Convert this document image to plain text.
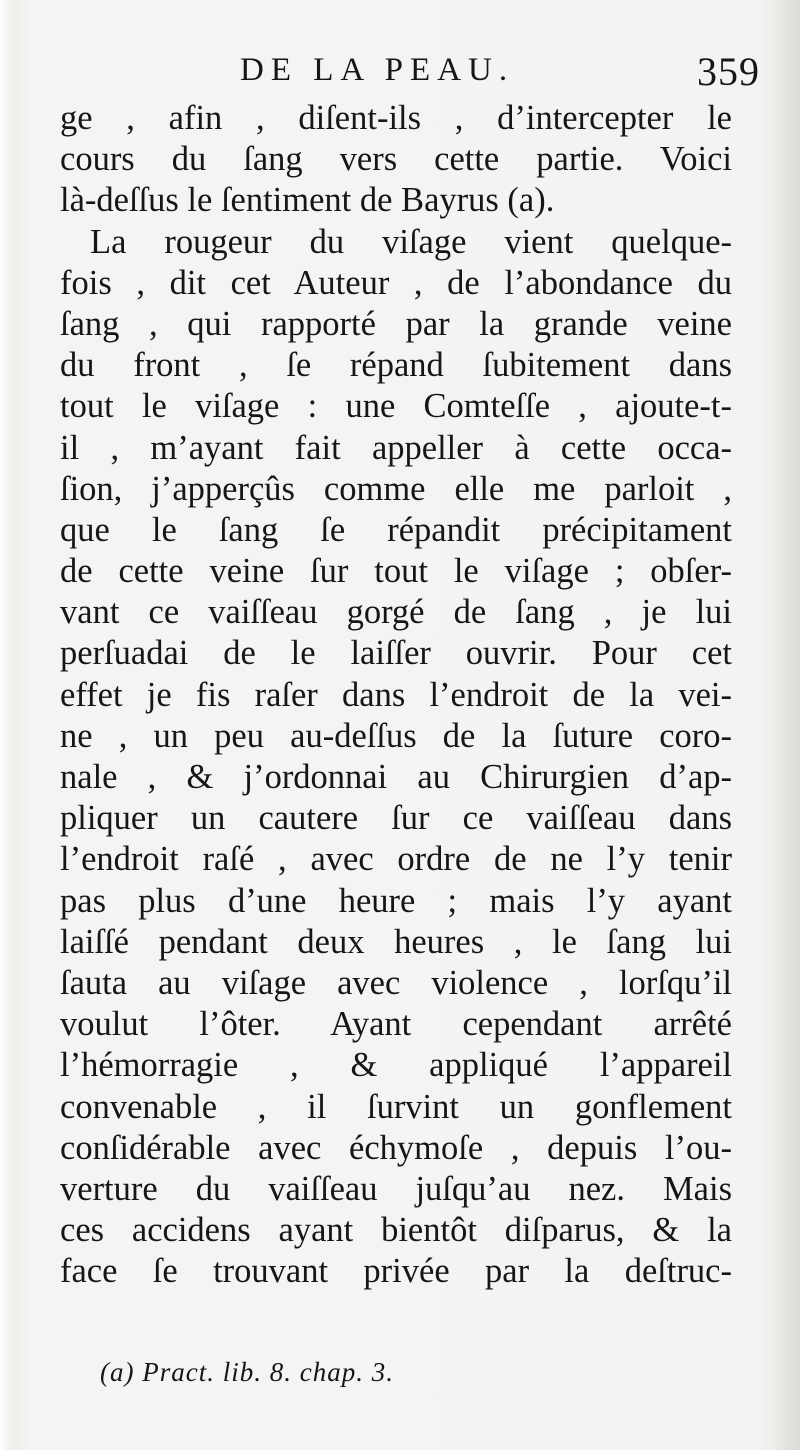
DE LA PEAU.	359
ge , afin , diſent-ils , d’intercepter le
cours du ſang vers cette partie. Voici
là-deſſus le ſentiment de Bayrus (a).
La rougeur du viſage vient quelque-
fois , dit cet Auteur , de l’abondance du
ſang , qui rapporté par la grande veine
du front , ſe répand ſubitement dans
tout le viſage : une Comteſſe , ajoute-t-
il , m’ayant fait appeller à cette occa-
ſion, j’apperçûs comme elle me parloit ,
que le ſang ſe répandit précipitament
de cette veine ſur tout le viſage ; obſer-
vant ce vaiſſeau gorgé de ſang , je lui
perſuadai de le laiſſer ouvrir. Pour cet
effet je fis raſer dans l’endroit de la vei-
ne , un peu au-deſſus de la ſuture coro-
nale , & j’ordonnai au Chirurgien d’ap-
pliquer un cautere ſur ce vaiſſeau dans
l’endroit raſé , avec ordre de ne l’y tenir
pas plus d’une heure ; mais l’y ayant
laiſſé pendant deux heures , le ſang lui
ſauta au viſage avec violence , lorſqu’il
voulut l’ôter. Ayant cependant arrêté
l’hémorragie , & appliqué l’appareil
convenable , il ſurvint un gonflement
conſidérable avec échymoſe , depuis l’ou-
verture du vaiſſeau juſqu’au nez. Mais
ces accidens ayant bientôt diſparus, & la
face ſe trouvant privée par la deſtruc-
(a) Pract. lib. 8. chap. 3.
